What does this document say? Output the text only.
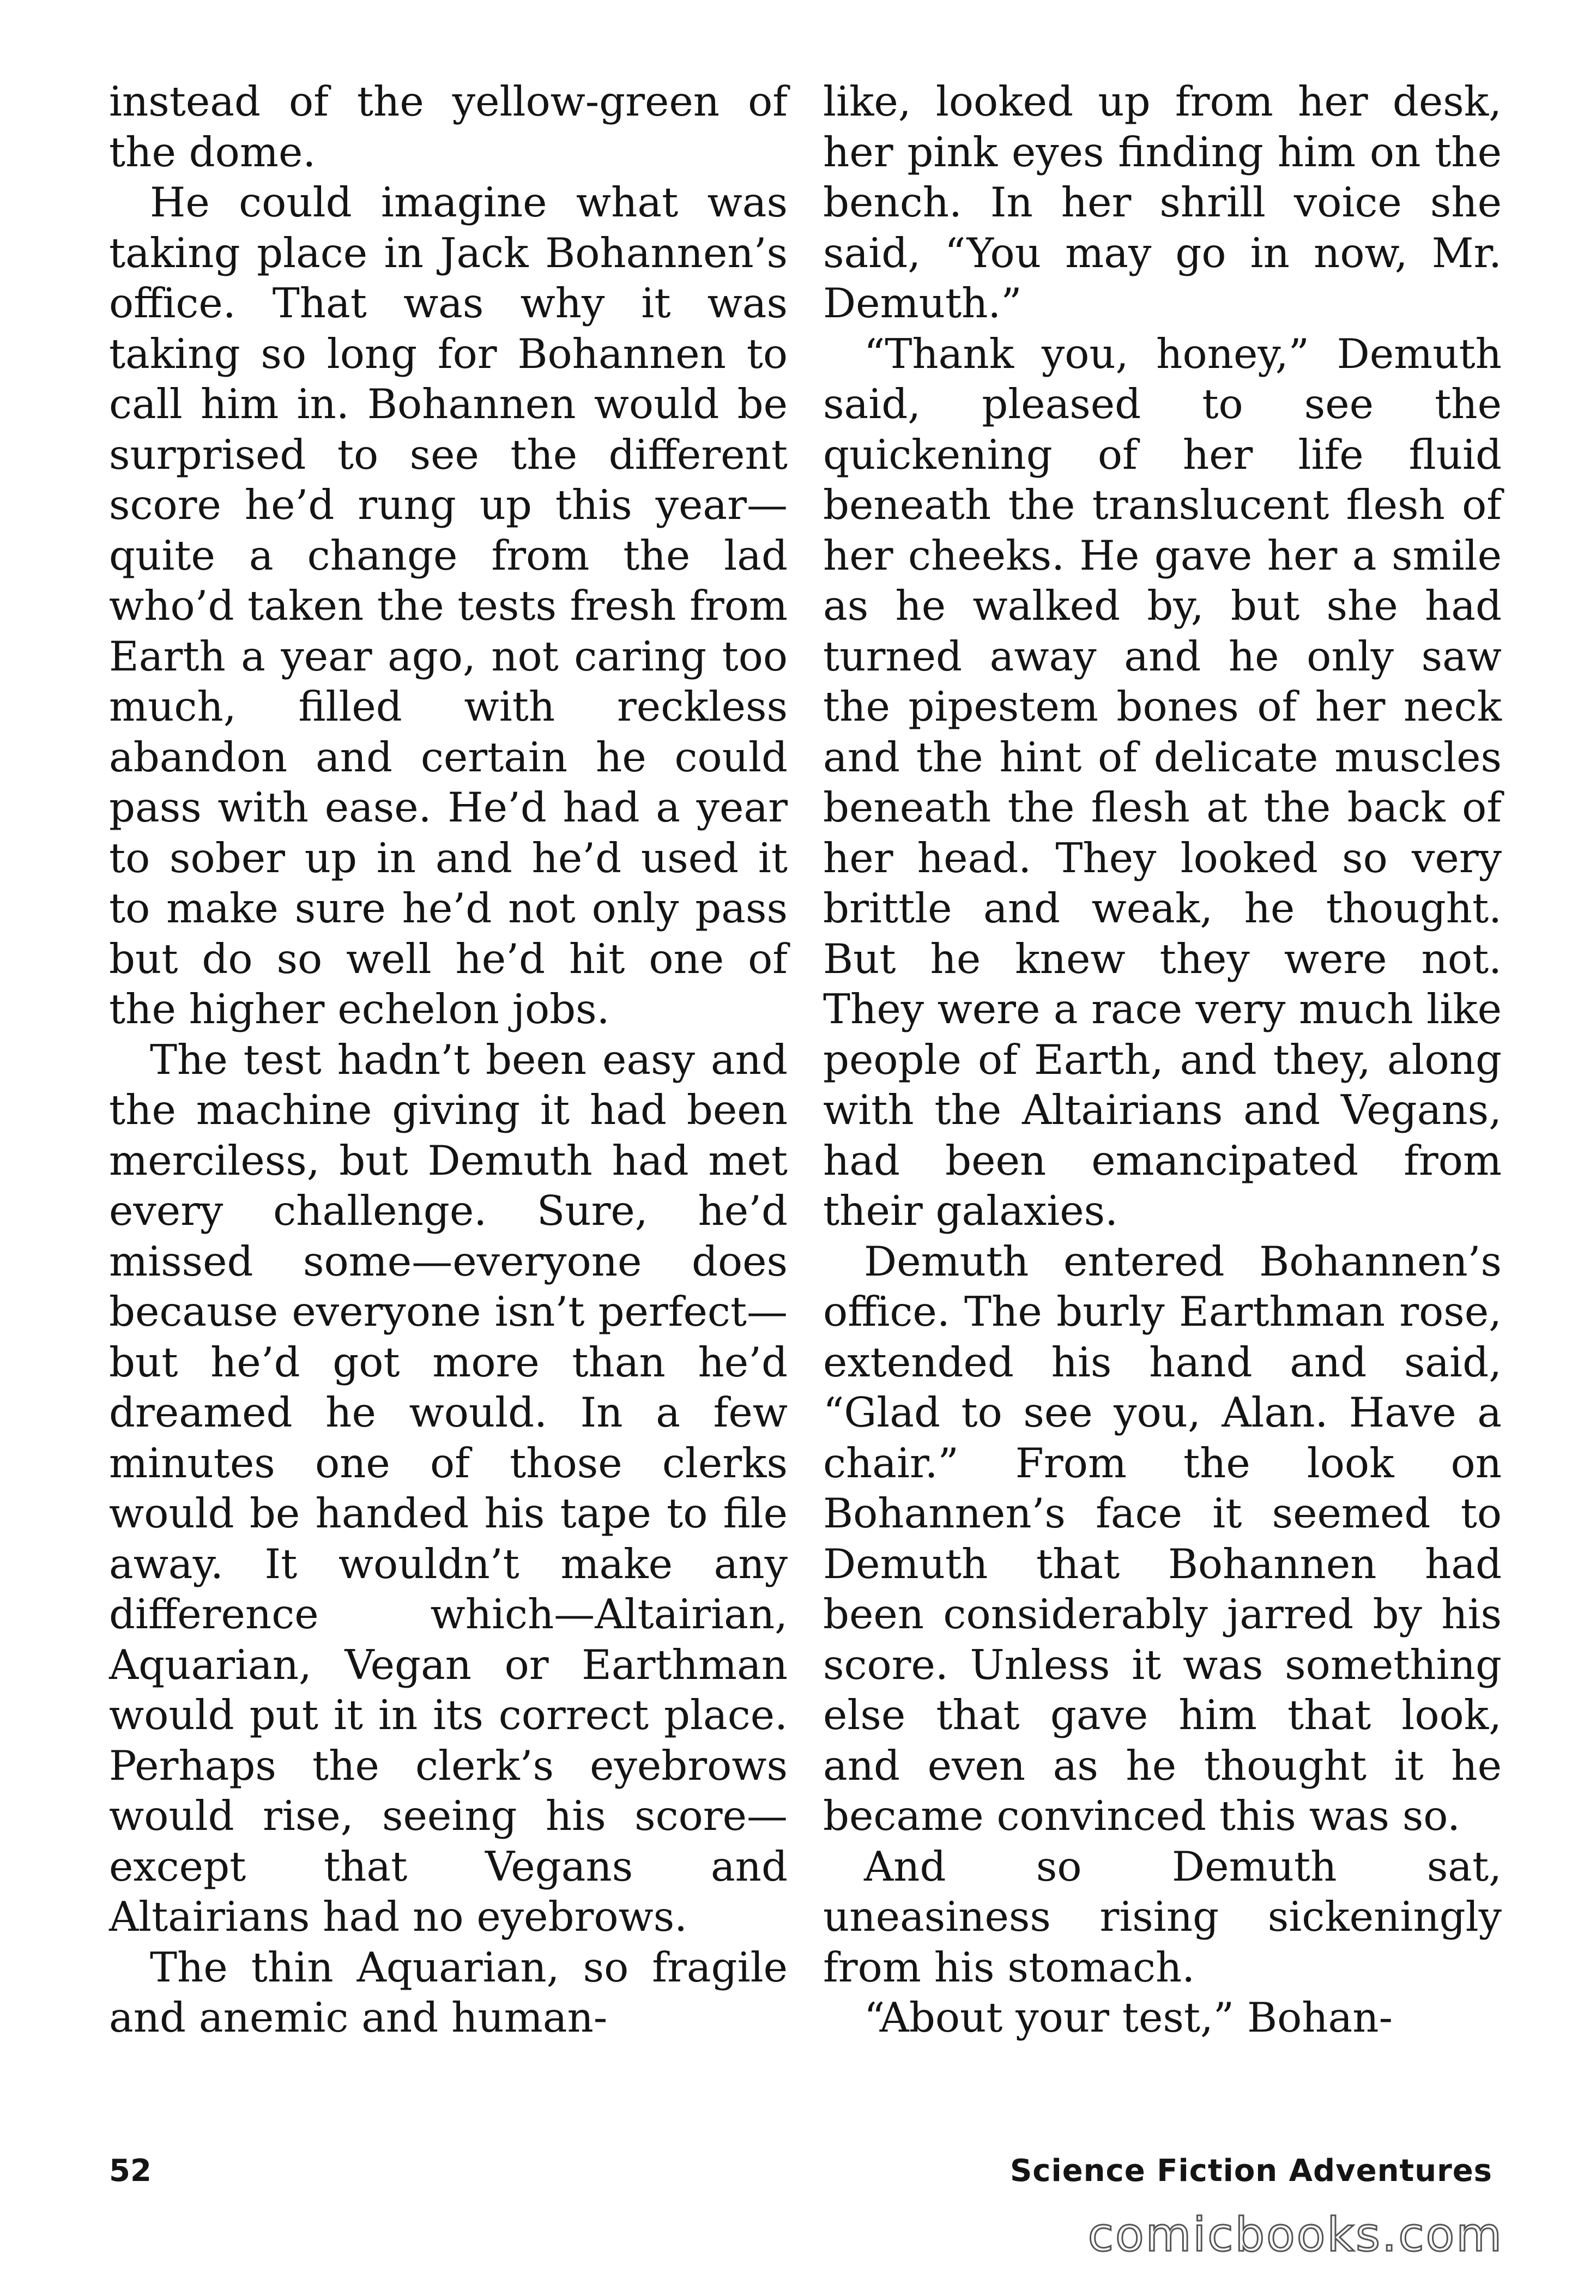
instead of the yellow-green of the dome.

He could imagine what was taking place in Jack Bohannen’s office. That was why it was taking so long for Bohannen to call him in. Bohannen would be surprised to see the different score he’d rung up this year—quite a change from the lad who’d taken the tests fresh from Earth a year ago, not caring too much, filled with reckless abandon and certain he could pass with ease. He’d had a year to sober up in and he’d used it to make sure he’d not only pass but do so well he’d hit one of the higher echelon jobs.

The test hadn’t been easy and the machine giving it had been merciless, but Demuth had met every challenge. Sure, he’d missed some—everyone does because everyone isn’t perfect—but he’d got more than he’d dreamed he would. In a few minutes one of those clerks would be handed his tape to file away. It wouldn’t make any difference which—Altairian, Aquarian, Vegan or Earthman would put it in its correct place. Perhaps the clerk’s eyebrows would rise, seeing his score—except that Vegans and Altairians had no eyebrows.

The thin Aquarian, so fragile and anemic and human-

like, looked up from her desk, her pink eyes finding him on the bench. In her shrill voice she said, “You may go in now, Mr. Demuth.”

“Thank you, honey,” Demuth said, pleased to see the quickening of her life fluid beneath the translucent flesh of her cheeks. He gave her a smile as he walked by, but she had turned away and he only saw the pipestem bones of her neck and the hint of delicate muscles beneath the flesh at the back of her head. They looked so very brittle and weak, he thought. But he knew they were not. They were a race very much like people of Earth, and they, along with the Altairians and Vegans, had been emancipated from their galaxies.

Demuth entered Bohannen’s office. The burly Earthman rose, extended his hand and said, “Glad to see you, Alan. Have a chair.” From the look on Bohannen’s face it seemed to Demuth that Bohannen had been considerably jarred by his score. Unless it was something else that gave him that look, and even as he thought it he became convinced this was so.

And so Demuth sat, uneasiness rising sickeningly from his stomach.

“About your test,” Bohan-

52	Science Fiction Adventures
comicbooks.com
